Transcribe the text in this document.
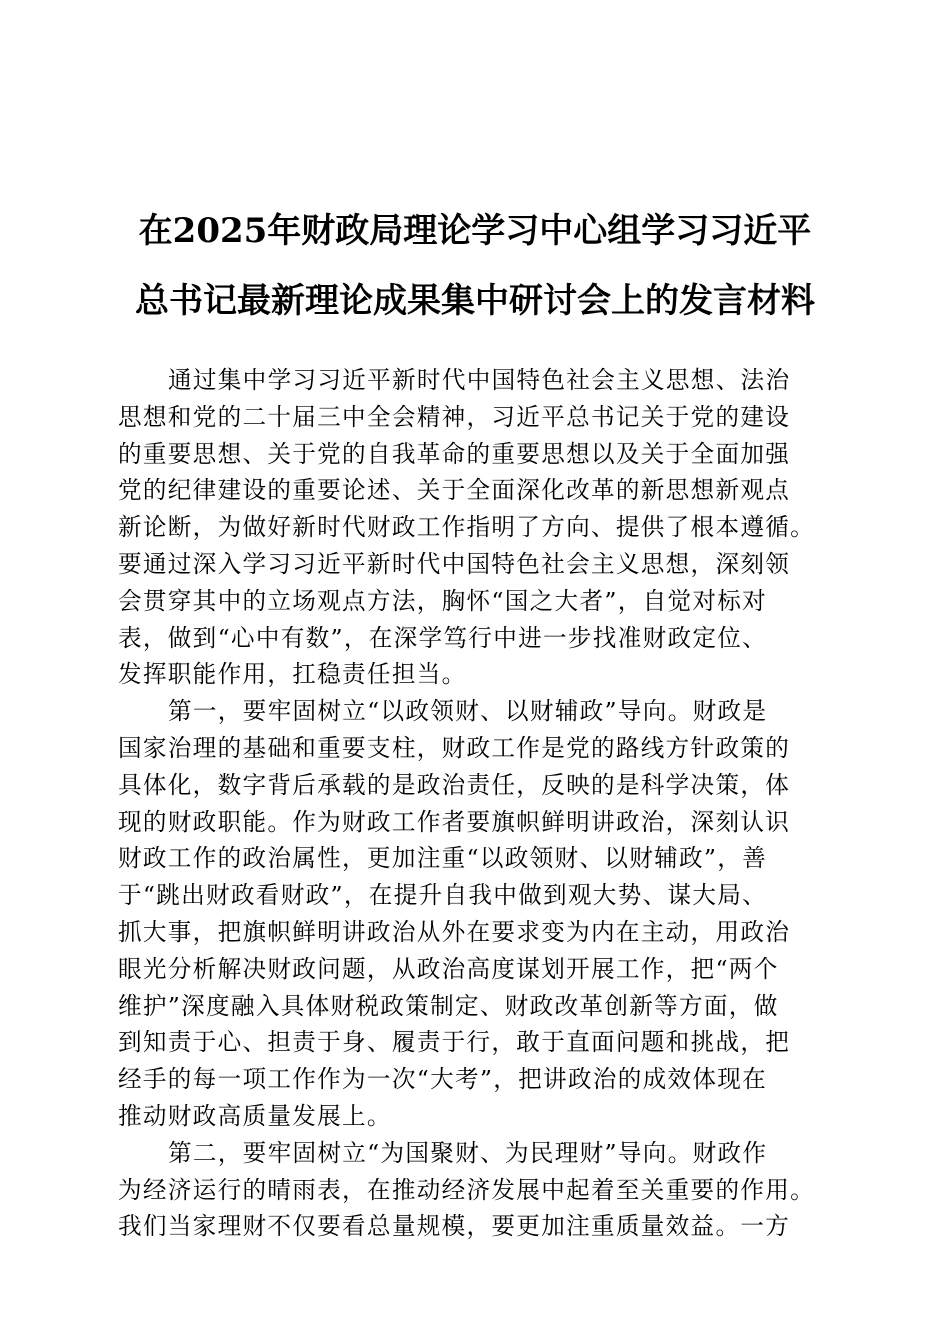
在2025年财政局理论学习中心组学习习近平
总书记最新理论成果集中研讨会上的发言材料
通过集中学习习近平新时代中国特色社会主义思想、法治
思想和党的二十届三中全会精神，习近平总书记关于党的建设
的重要思想、关于党的自我革命的重要思想以及关于全面加强
党的纪律建设的重要论述、关于全面深化改革的新思想新观点
新论断，为做好新时代财政工作指明了方向、提供了根本遵循。
要通过深入学习习近平新时代中国特色社会主义思想，深刻领
会贯穿其中的立场观点方法，胸怀“国之大者”，自觉对标对
表，做到“心中有数”，在深学笃行中进一步找准财政定位、
发挥职能作用，扛稳责任担当。
第一，要牢固树立“以政领财、以财辅政”导向。财政是
国家治理的基础和重要支柱，财政工作是党的路线方针政策的
具体化，数字背后承载的是政治责任，反映的是科学决策，体
现的财政职能。作为财政工作者要旗帜鲜明讲政治，深刻认识
财政工作的政治属性，更加注重“以政领财、以财辅政”，善
于“跳出财政看财政”，在提升自我中做到观大势、谋大局、
抓大事，把旗帜鲜明讲政治从外在要求变为内在主动，用政治
眼光分析解决财政问题，从政治高度谋划开展工作，把“两个
维护”深度融入具体财税政策制定、财政改革创新等方面，做
到知责于心、担责于身、履责于行，敢于直面问题和挑战，把
经手的每一项工作作为一次“大考”，把讲政治的成效体现在
推动财政高质量发展上。
第二，要牢固树立“为国聚财、为民理财”导向。财政作
为经济运行的晴雨表，在推动经济发展中起着至关重要的作用。
我们当家理财不仅要看总量规模，要更加注重质量效益。一方
